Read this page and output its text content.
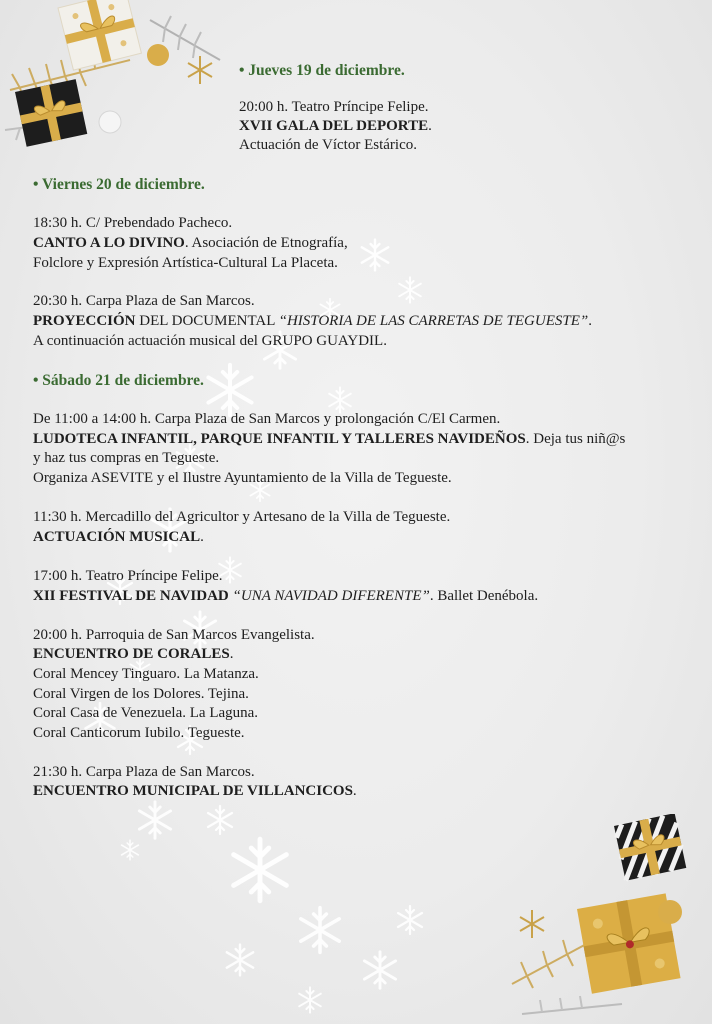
• Jueves 19 de diciembre.

20:00 h. Teatro Príncipe Felipe.

XVII GALA DEL DEPORTE.

Actuación de Víctor Estárico.

• Viernes 20 de diciembre.

18:30 h. C/ Prebendado Pacheco.

CANTO A LO DIVINO. Asociación de Etnografía,

Folclore y Expresión Artística-Cultural La Placeta.

20:30 h. Carpa Plaza de San Marcos.

PROYECCIÓN DEL DOCUMENTAL “HISTORIA DE LAS CARRETAS DE TEGUESTE”.

A continuación actuación musical del GRUPO GUAYDIL.

• Sábado 21 de diciembre.

De 11:00 a 14:00 h. Carpa Plaza de San Marcos y prolongación C/El Carmen.

LUDOTECA INFANTIL, PARQUE INFANTIL Y TALLERES NAVIDEÑOS. Deja tus niñ@s

y haz tus compras en Tegueste.

Organiza ASEVITE y el Ilustre Ayuntamiento de la Villa de Tegueste.

11:30 h. Mercadillo del Agricultor y Artesano de la Villa de Tegueste.

ACTUACIÓN MUSICAL.

17:00 h. Teatro Príncipe Felipe.

XII FESTIVAL DE NAVIDAD “UNA NAVIDAD DIFERENTE”. Ballet Denébola.

20:00 h. Parroquia de San Marcos Evangelista.

ENCUENTRO DE CORALES.

Coral Mencey Tinguaro. La Matanza.

Coral Virgen de los Dolores. Tejina.

Coral Casa de Venezuela. La Laguna.

Coral Canticorum Iubilo. Tegueste.

21:30 h. Carpa Plaza de San Marcos.

ENCUENTRO MUNICIPAL DE VILLANCICOS.
